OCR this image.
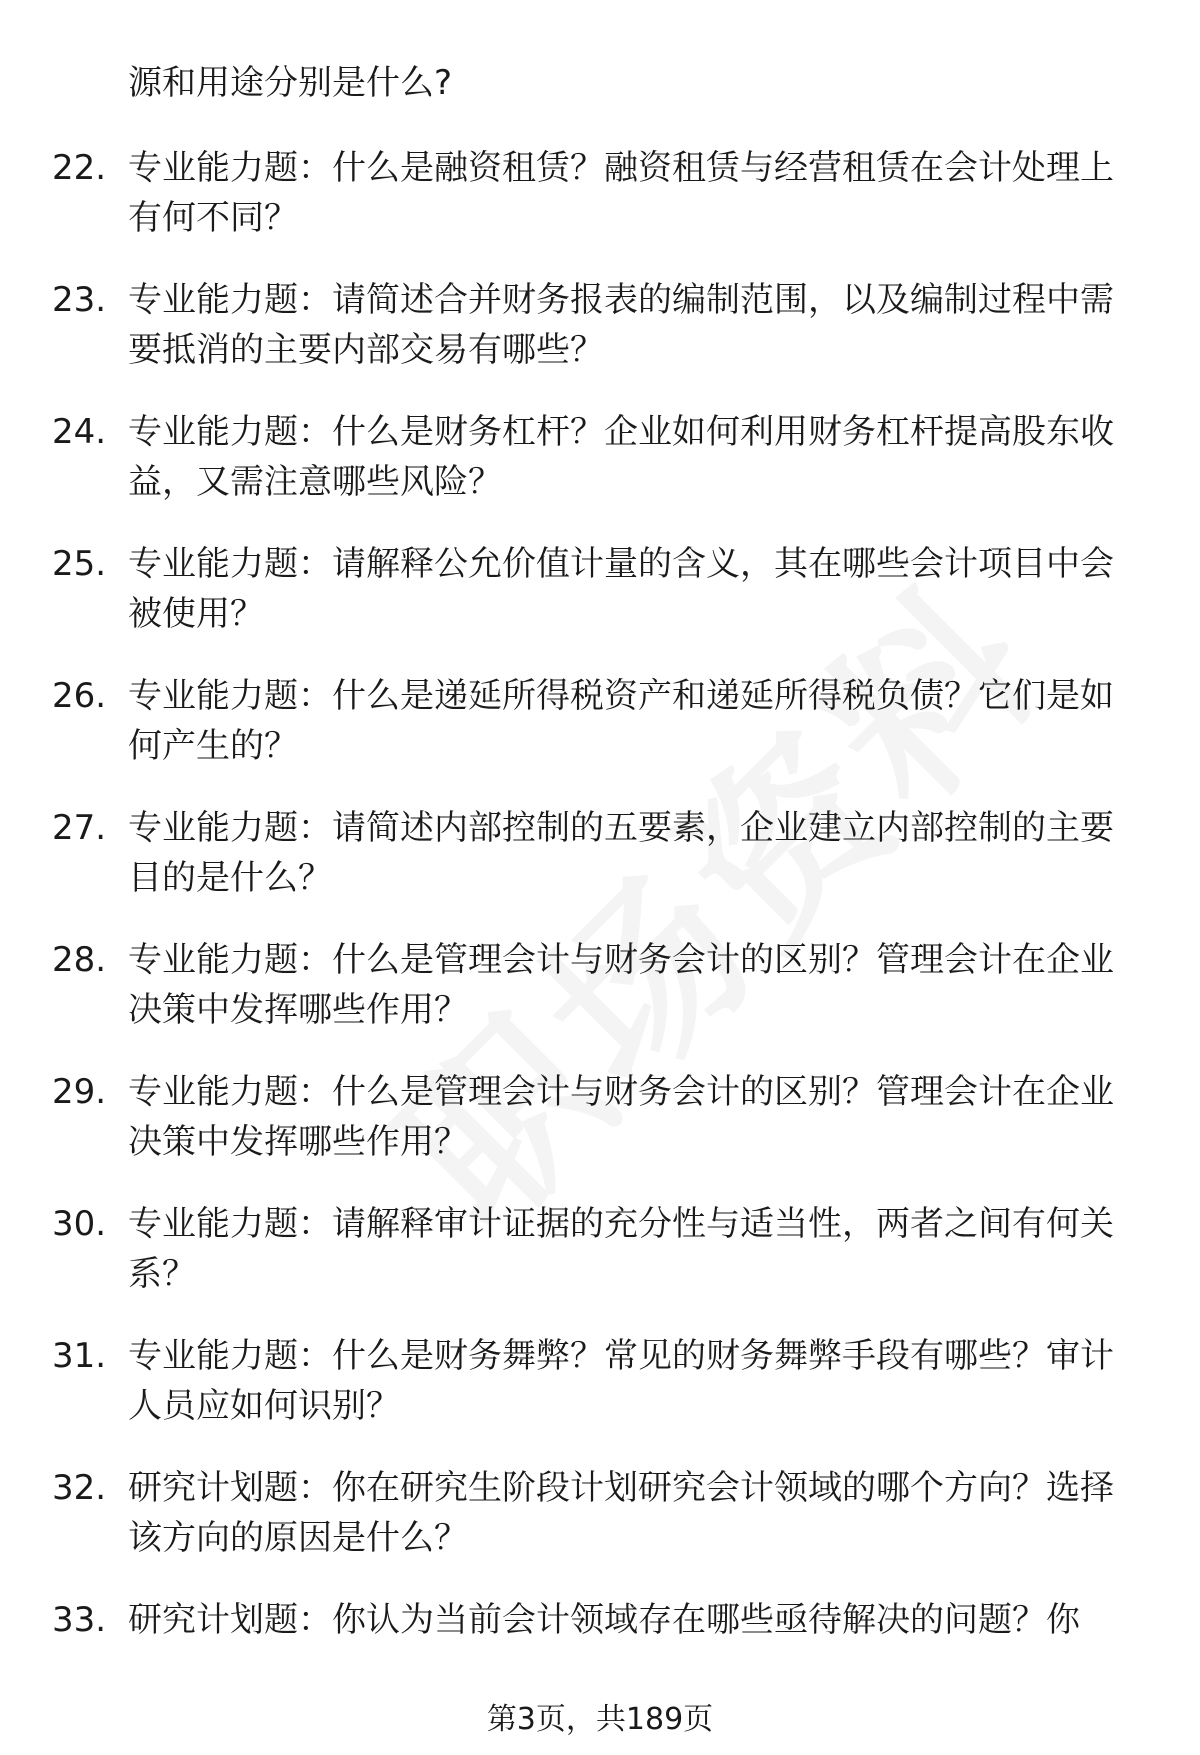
源和用途分别是什么?
22. 专业能力题：什么是融资租赁？融资租赁与经营租赁在会计处理上有何不同？
23. 专业能力题：请简述合并财务报表的编制范围，以及编制过程中需要抵消的主要内部交易有哪些？
24. 专业能力题：什么是财务杠杆？企业如何利用财务杠杆提高股东收益，又需注意哪些风险？
25. 专业能力题：请解释公允价值计量的含义，其在哪些会计项目中会被使用？
26. 专业能力题：什么是递延所得税资产和递延所得税负债？它们是如何产生的？
27. 专业能力题：请简述内部控制的五要素，企业建立内部控制的主要目的是什么？
28. 专业能力题：什么是管理会计与财务会计的区别？管理会计在企业决策中发挥哪些作用？
29. 专业能力题：什么是管理会计与财务会计的区别？管理会计在企业决策中发挥哪些作用？
30. 专业能力题：请解释审计证据的充分性与适当性，两者之间有何关系？
31. 专业能力题：什么是财务舞弊？常见的财务舞弊手段有哪些？审计人员应如何识别？
32. 研究计划题：你在研究生阶段计划研究会计领域的哪个方向？选择该方向的原因是什么？
33. 研究计划题：你认为当前会计领域存在哪些亟待解决的问题？你
第3页，共189页
